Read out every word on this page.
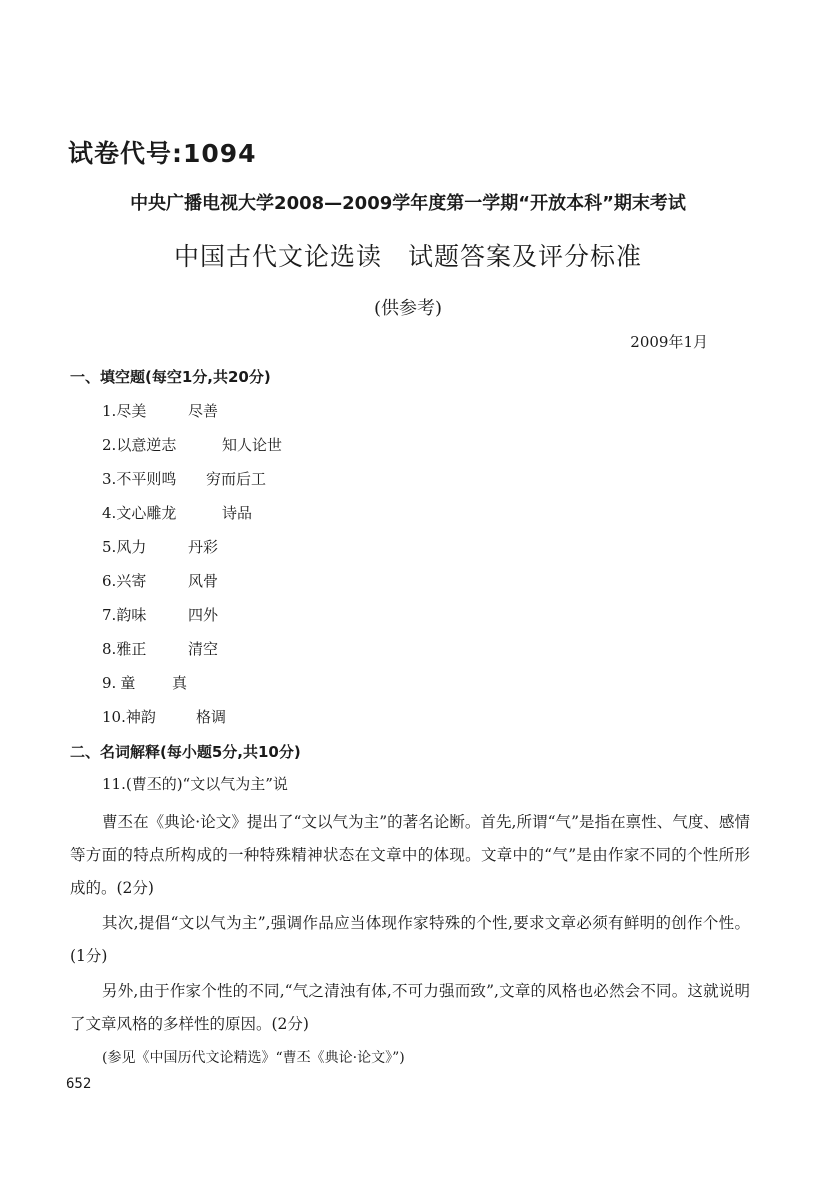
试卷代号:1094
中央广播电视大学2008—2009学年度第一学期“开放本科”期末考试
中国古代文论选读　试题答案及评分标准
(供参考)
2009年1月
一、填空题(每空1分,共20分)
1.尽美	尽善
2.以意逆志	知人论世
3.不平则鸣 穷而后工
4.文心雕龙	诗品
5.风力	丹彩
6.兴寄	风骨
7.韵味	四外
8.雅正	清空
9. 童 真
10.神韵	格调
二、名词解释(每小题5分,共10分)
11.(曹丕的)“文以气为主”说
曹丕在《典论·论文》提出了“文以气为主”的著名论断。首先,所谓“气”是指在禀性、气度、感情等方面的特点所构成的一种特殊精神状态在文章中的体现。文章中的“气”是由作家不同的个性所形成的。(2分)
其次,提倡“文以气为主”,强调作品应当体现作家特殊的个性,要求文章必须有鲜明的创作个性。(1分)
另外,由于作家个性的不同,“气之清浊有体,不可力强而致”,文章的风格也必然会不同。这就说明了文章风格的多样性的原因。(2分)
(参见《中国历代文论精选》“曹丕《典论·论文》”)
652
